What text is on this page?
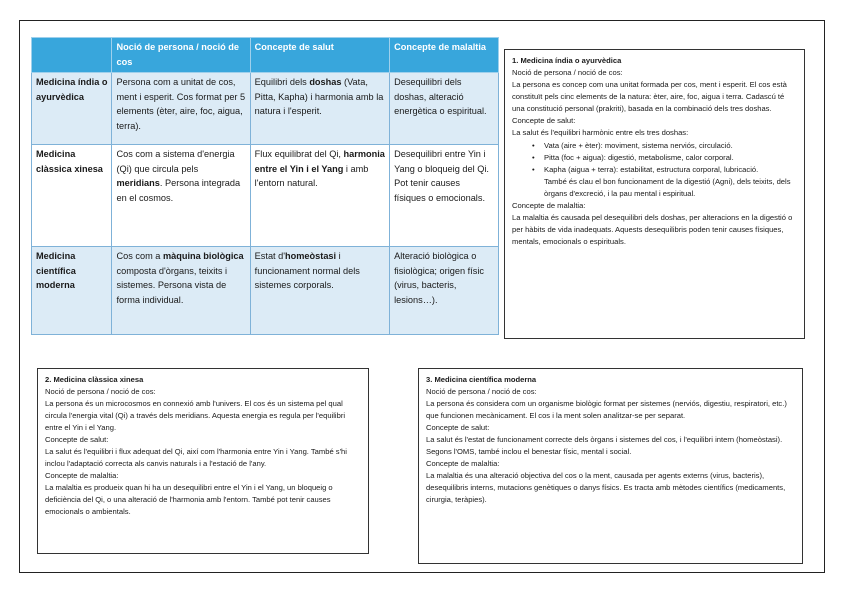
	Noció de persona / noció de cos	Concepte de salut	Concepte de malaltia
Medicina índia o ayurvèdica	Persona com a unitat de cos, ment i esperit. Cos format per 5 elements (èter, aire, foc, aigua, terra).	Equilibri dels doshas (Vata, Pitta, Kapha) i harmonia amb la natura i l'esperit.	Desequilibri dels doshas, alteració energètica o espiritual.
Medicina clàssica xinesa	Cos com a sistema d'energia (Qi) que circula pels meridians. Persona integrada en el cosmos.	Flux equilibrat del Qi, harmonia entre el Yin i el Yang i amb l'entorn natural.	Desequilibri entre Yin i Yang o bloqueig del Qi. Pot tenir causes físiques o emocionals.
Medicina científica moderna	Cos com a màquina biològica composta d'òrgans, teixits i sistemes. Persona vista de forma individual.	Estat d'homeòstasi i funcionament normal dels sistemes corporals.	Alteració biològica o fisiològica; origen físic (virus, bacteris, lesions…).
1. Medicina índia o ayurvèdica
Noció de persona / noció de cos:
La persona es concep com una unitat formada per cos, ment i esperit. El cos està constituït pels cinc elements de la natura: èter, aire, foc, aigua i terra. Cadascú té una constitució personal (prakriti), basada en la combinació dels tres doshas.
Concepte de salut:
La salut és l'equilibri harmònic entre els tres doshas:
• Vata (aire + èter): moviment, sistema nerviós, circulació.
• Pitta (foc + aigua): digestió, metabolisme, calor corporal.
• Kapha (aigua + terra): estabilitat, estructura corporal, lubricació.
També és clau el bon funcionament de la digestió (Agni), dels teixits, dels òrgans d'excreció, i la pau mental i espiritual.
Concepte de malaltia:
La malaltia és causada pel desequilibri dels doshas, per alteracions en la digestió o per hàbits de vida inadequats. Aquests desequilibris poden tenir causes físiques, mentals, emocionals o espirituals.
2. Medicina clàssica xinesa
Noció de persona / noció de cos:
La persona és un microcosmos en connexió amb l'univers. El cos és un sistema pel qual circula l'energia vital (Qi) a través dels meridians. Aquesta energia es regula per l'equilibri entre el Yin i el Yang.
Concepte de salut:
La salut és l'equilibri i flux adequat del Qi, així com l'harmonia entre Yin i Yang. També s'hi inclou l'adaptació correcta als canvis naturals i a l'estació de l'any.
Concepte de malaltia:
La malaltia es produeix quan hi ha un desequilibri entre el Yin i el Yang, un bloqueig o deficiència del Qi, o una alteració de l'harmonia amb l'entorn. També pot tenir causes emocionals o ambientals.
3. Medicina científica moderna
Noció de persona / noció de cos:
La persona és considera com un organisme biològic format per sistemes (nerviós, digestiu, respiratori, etc.) que funcionen mecànicament. El cos i la ment solen analitzar-se per separat.
Concepte de salut:
La salut és l'estat de funcionament correcte dels òrgans i sistemes del cos, i l'equilibri intern (homeòstasi). Segons l'OMS, també inclou el benestar físic, mental i social.
Concepte de malaltia:
La malaltia és una alteració objectiva del cos o la ment, causada per agents externs (virus, bacteris), desequilibris interns, mutacions genètiques o danys físics. Es tracta amb mètodes científics (medicaments, cirurgia, teràpies).
